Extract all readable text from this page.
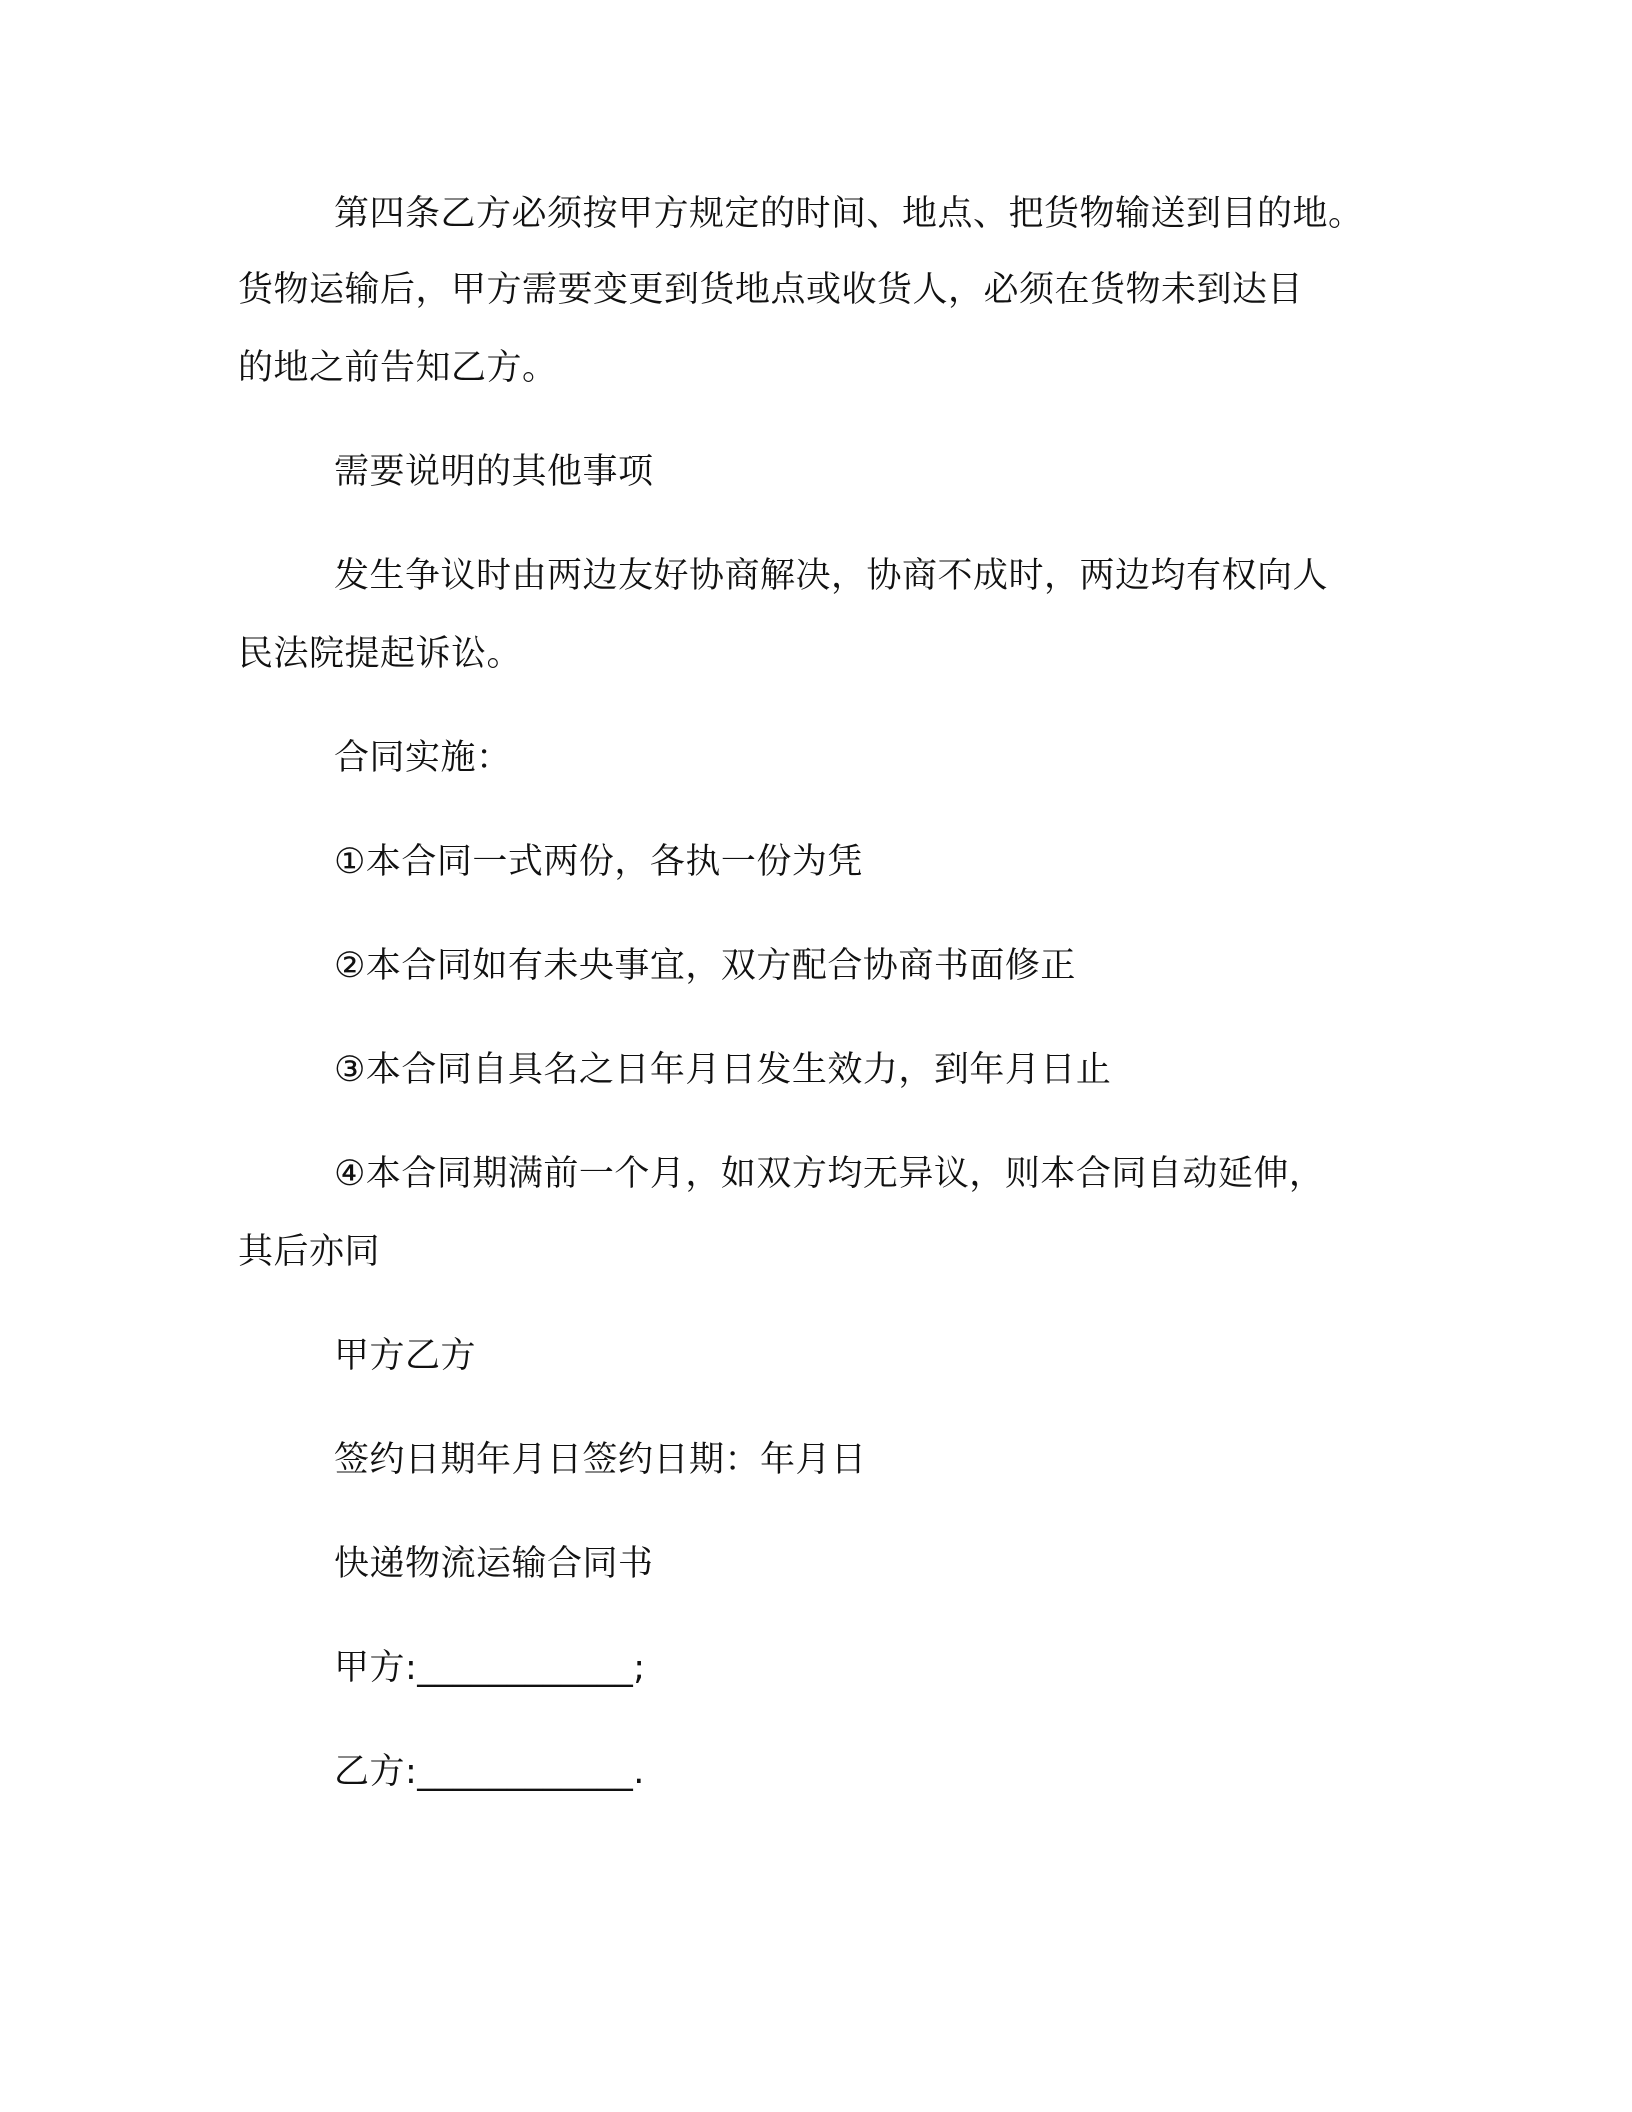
第四条乙方必须按甲方规定的时间、地点、把货物输送到目的地。
货物运输后，甲方需要变更到货地点或收货人，必须在货物未到达目
的地之前告知乙方。
需要说明的其他事项
发生争议时由两边友好协商解决，协商不成时，两边均有权向人
民法院提起诉讼。
合同实施：
①本合同一式两份，各执一份为凭
②本合同如有未央事宜，双方配合协商书面修正
③本合同自具名之日年月日发生效力，到年月日止
④本合同期满前一个月，如双方均无异议，则本合同自动延伸，
其后亦同
甲方乙方
签约日期年月日签约日期：年月日
快递物流运输合同书
甲方:____________;
乙方:____________.
